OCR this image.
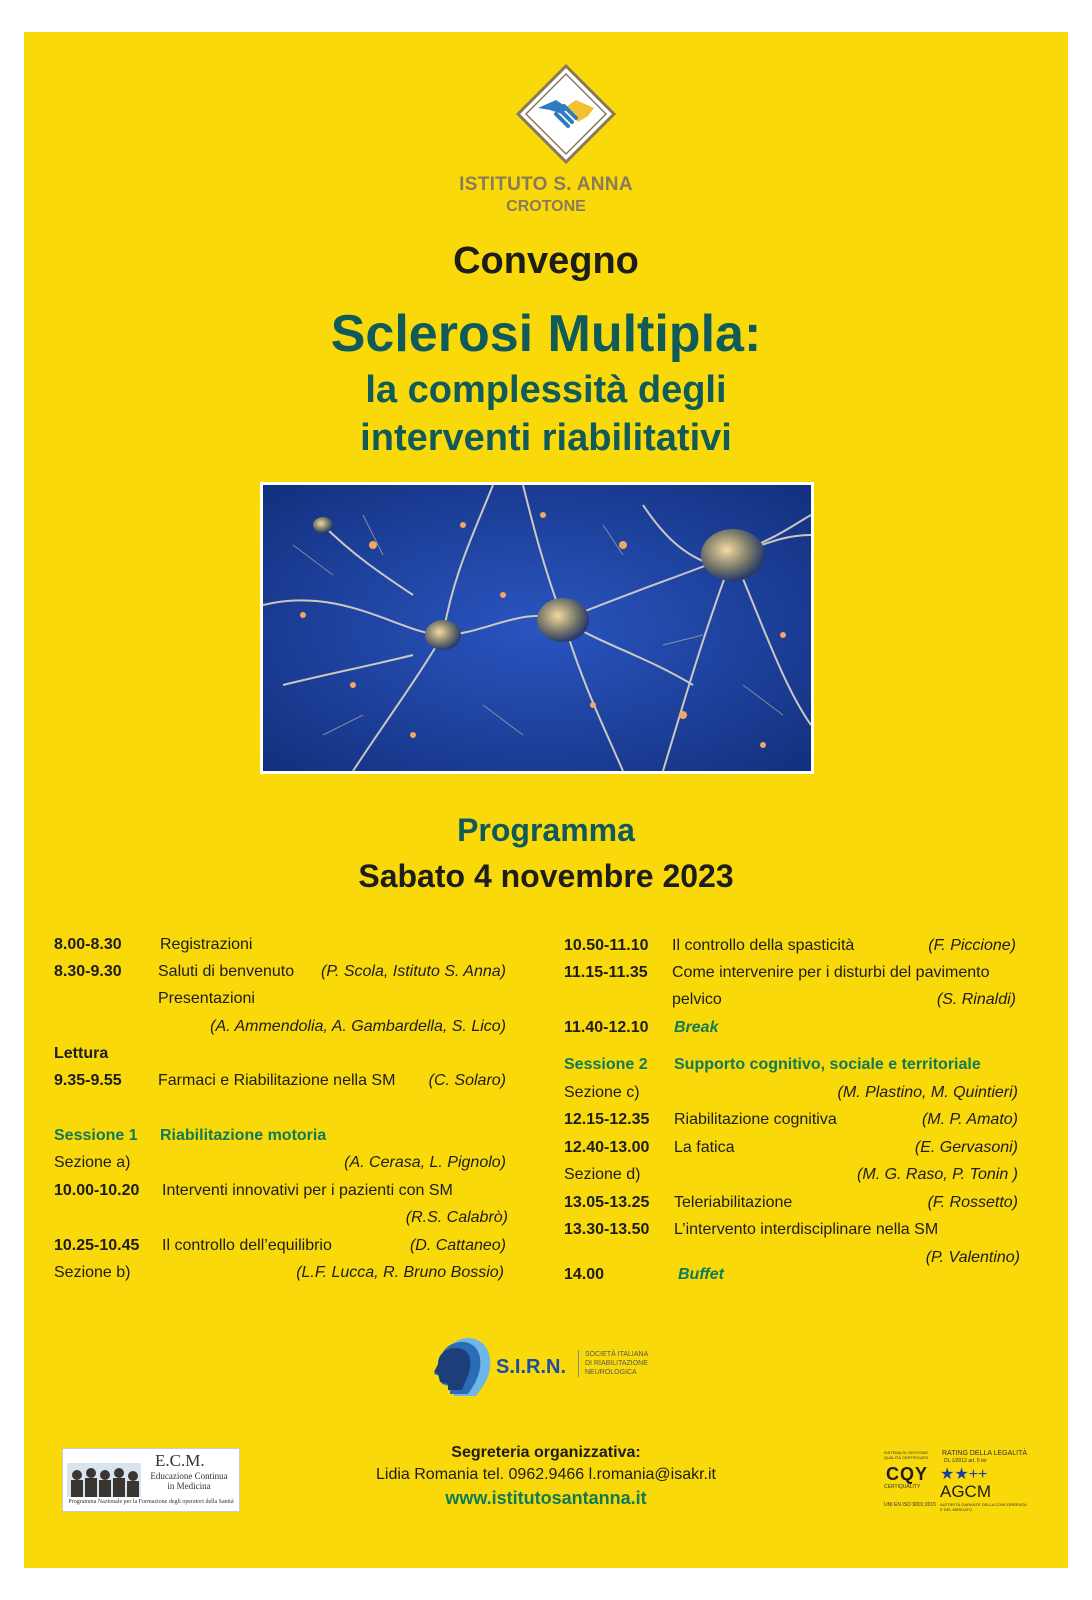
ISTITUTO S. ANNA
CROTONE
Convegno
Sclerosi Multipla:
la complessità degli
interventi riabilitativi
Programma
Sabato 4 novembre 2023
8.00-8.30 Registrazioni
8.30-9.30 Saluti di benvenuto (P. Scola, Istituto S. Anna)
Presentazioni
(A. Ammendolia, A. Gambardella, S. Lico)
Lettura
9.35-9.55 Farmaci e Riabilitazione nella SM (C. Solaro)
Sessione 1 Riabilitazione motoria
Sezione a)	(A. Cerasa, L. Pignolo)
10.00-10.20 Interventi innovativi per i pazienti con SM
(R.S. Calabrò)
10.25-10.45 Il controllo dell’equilibrio	(D. Cattaneo)
Sezione b)	(L.F. Lucca, R. Bruno Bossio)
10.50-11.10 Il controllo della spasticità	(F. Piccione)
11.15-11.35 Come intervenire per i disturbi del pavimento
pelvico	(S. Rinaldi)
11.40-12.10 Break
Sessione 2 Supporto cognitivo, sociale e territoriale
Sezione c)	(M. Plastino, M. Quintieri)
12.15-12.35 Riabilitazione cognitiva	(M. P. Amato)
12.40-13.00 La fatica	(E. Gervasoni)
Sezione d)	(M. G. Raso, P. Tonin )
13.05-13.25 Teleriabilitazione	(F. Rossetto)
13.30-13.50 L’intervento interdisciplinare nella SM
(P. Valentino)
14.00	Buffet
S.I.R.N.
SOCIETÀ ITALIANA
DI RIABILITAZIONE
NEUROLOGICA
E.C.M.
Educazione Continua
in Medicina
Programma Nazionale per la Formazione degli operatori della Sanità
Segreteria organizzativa:
Lidia Romania tel. 0962.9466 l.romania@isakr.it
www.istitutosantanna.it
SISTEMA DI GESTIONE QUALITÀ CERTIFICATO
CQY
CERTIQUALITY
UNI EN ISO 9001:2015
RATING DELLA LEGALITÀ
DL 1/2012 art. 5 ter
★★++
AGCM
AUTORITÀ GARANTE DELLA CONCORRENZA E DEL MERCATO
